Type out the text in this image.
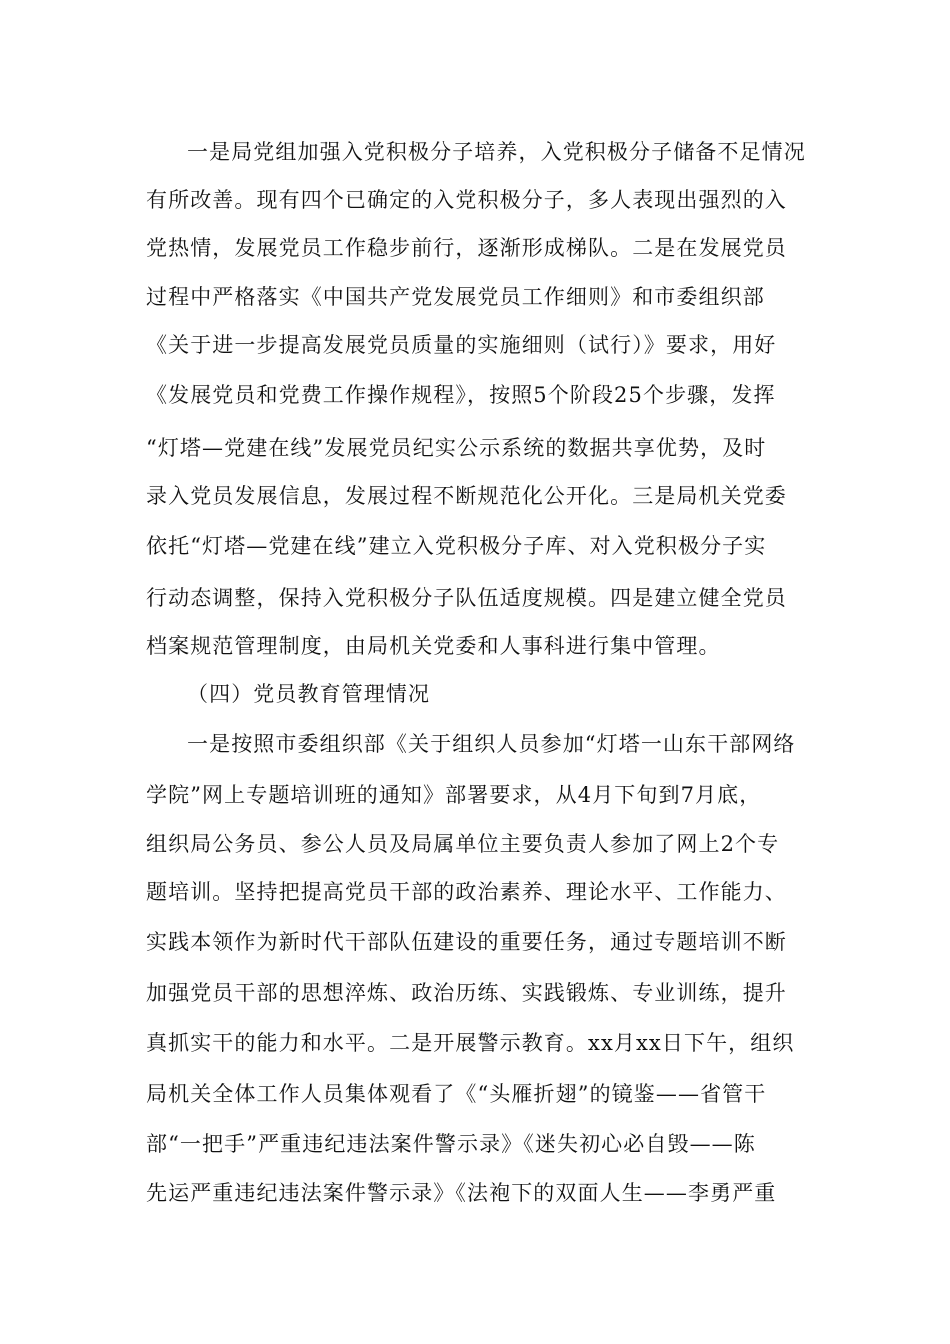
一是局党组加强入党积极分子培养，入党积极分子储备不足情况
有所改善。现有四个已确定的入党积极分子，多人表现出强烈的入
党热情，发展党员工作稳步前行，逐渐形成梯队。二是在发展党员
过程中严格落实《中国共产党发展党员工作细则》和市委组织部
《关于进一步提高发展党员质量的实施细则（试行）》要求，用好
《发展党员和党费工作操作规程》，按照5个阶段25个步骤，发挥
“灯塔—党建在线”发展党员纪实公示系统的数据共享优势，及时
录入党员发展信息，发展过程不断规范化公开化。三是局机关党委
依托“灯塔—党建在线”建立入党积极分子库、对入党积极分子实
行动态调整，保持入党积极分子队伍适度规模。四是建立健全党员
档案规范管理制度，由局机关党委和人事科进行集中管理。
（四）党员教育管理情况
一是按照市委组织部《关于组织人员参加“灯塔一山东干部网络
学院”网上专题培训班的通知》部署要求，从4月下旬到7月底，
组织局公务员、参公人员及局属单位主要负责人参加了网上2个专
题培训。坚持把提高党员干部的政治素养、理论水平、工作能力、
实践本领作为新时代干部队伍建设的重要任务，通过专题培训不断
加强党员干部的思想淬炼、政治历练、实践锻炼、专业训练，提升
真抓实干的能力和水平。二是开展警示教育。xx月xx日下午，组织
局机关全体工作人员集体观看了《“头雁折翅”的镜鉴——省管干
部“一把手”严重违纪违法案件警示录》《迷失初心必自毁——陈
先运严重违纪违法案件警示录》《法袍下的双面人生——李勇严重
